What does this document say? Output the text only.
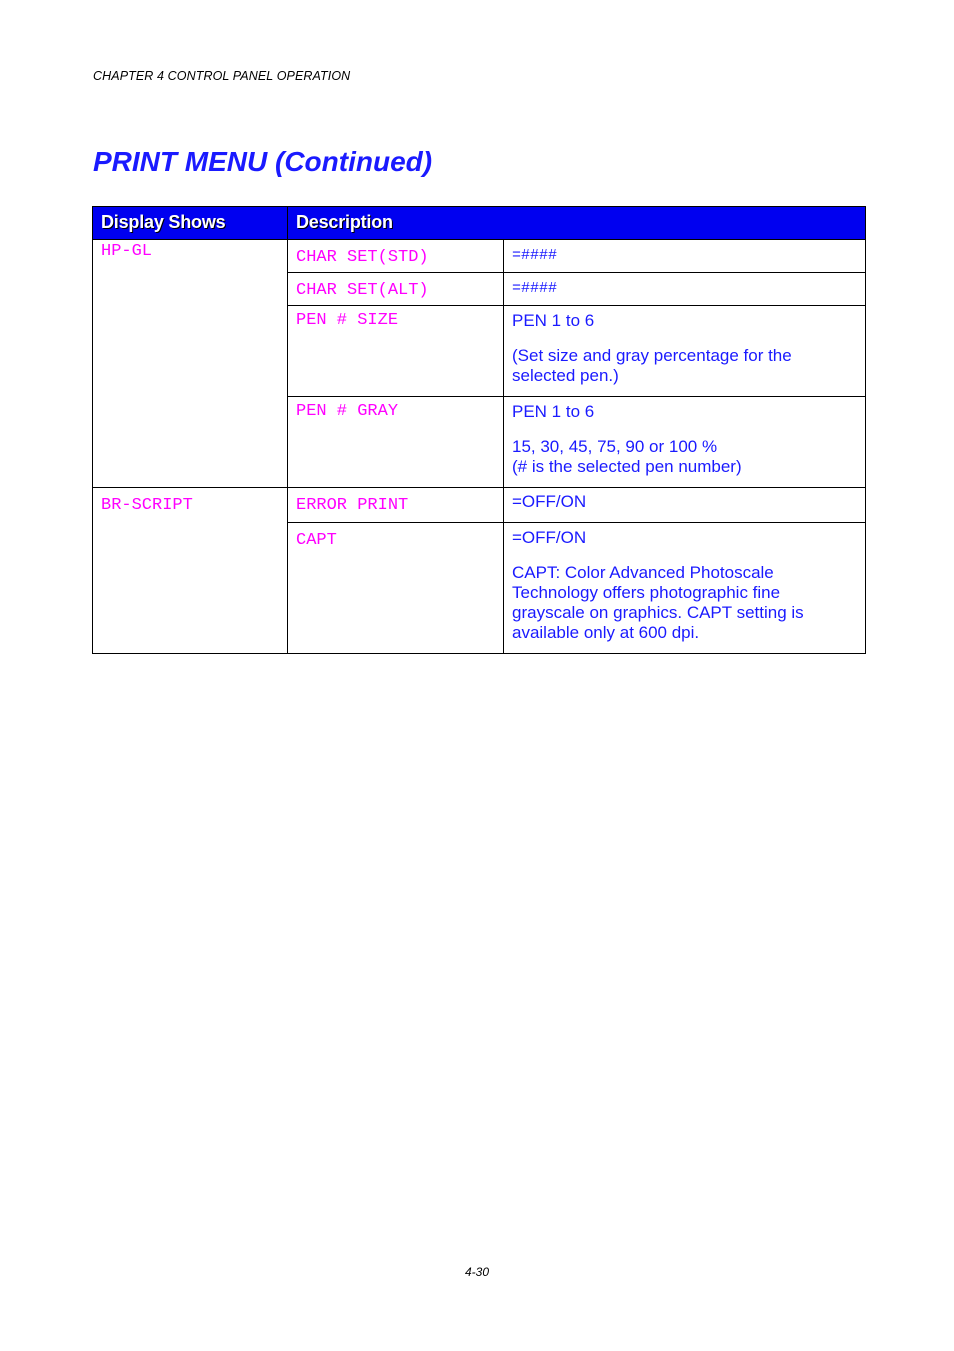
CHAPTER 4 CONTROL PANEL OPERATION
PRINT MENU (Continued)
Display Shows	Description	
HP-GL	CHAR SET(STD)	=####
	CHAR SET(ALT)	=####
	PEN # SIZE	PEN 1 to 6

(Set size and gray percentage for the selected pen.)

	PEN # GRAY	PEN 1 to 6

15, 30, 45, 75, 90 or 100 %
(# is the selected pen number)

BR-SCRIPT	ERROR PRINT	=OFF/ON

	CAPT	=OFF/ON

CAPT: Color Advanced Photoscale Technology offers photographic fine grayscale on graphics. CAPT setting is available only at 600 dpi.

4-30
